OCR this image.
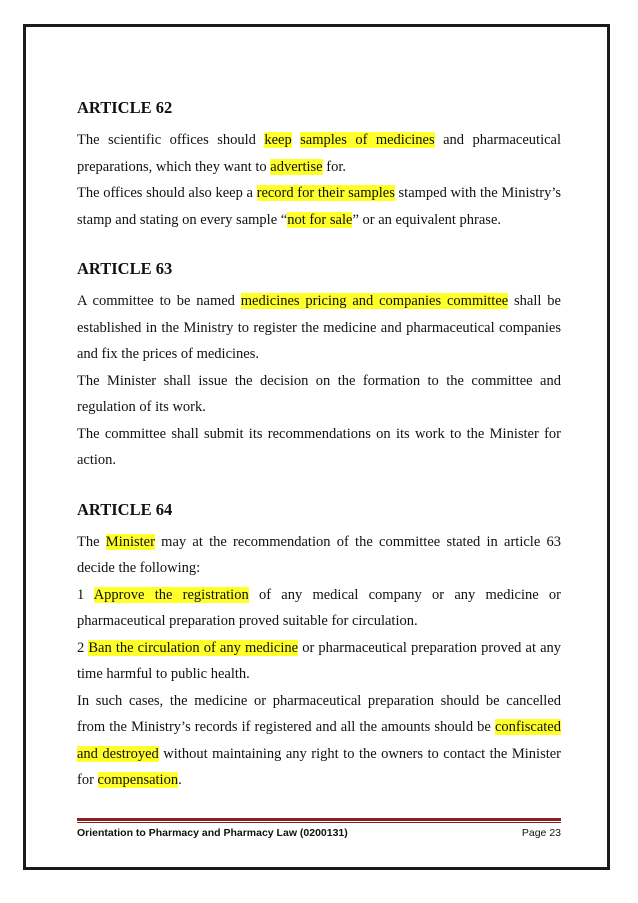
ARTICLE 62

The scientific offices should keep samples of medicines and pharmaceutical preparations, which they want to advertise for.

The offices should also keep a record for their samples stamped with the Ministry’s stamp and stating on every sample “not for sale” or an equivalent phrase.

ARTICLE 63

A committee to be named medicines pricing and companies committee shall be established in the Ministry to register the medicine and pharmaceutical companies and fix the prices of medicines.

The Minister shall issue the decision on the formation to the committee and regulation of its work.

The committee shall submit its recommendations on its work to the Minister for action.

ARTICLE 64

The Minister may at the recommendation of the committee stated in article 63 decide the following:

1 Approve the registration of any medical company or any medicine or pharmaceutical preparation proved suitable for circulation.

2 Ban the circulation of any medicine or pharmaceutical preparation proved at any time harmful to public health.

In such cases, the medicine or pharmaceutical preparation should be cancelled from the Ministry’s records if registered and all the amounts should be confiscated and destroyed without maintaining any right to the owners to contact the Minister for compensation.

Orientation to Pharmacy and Pharmacy Law (0200131)	Page 23
